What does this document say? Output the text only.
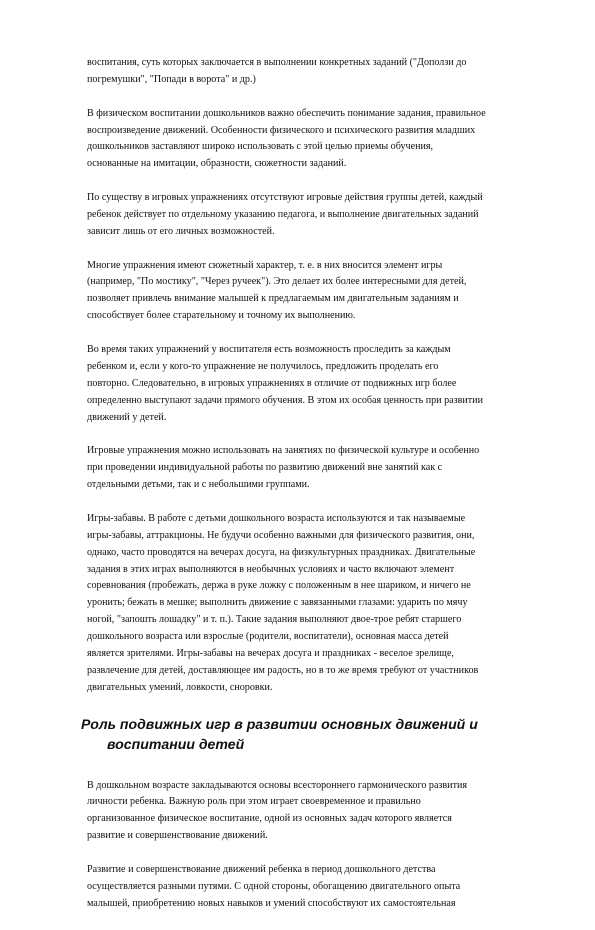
воспитания, суть которых заключается в выполнении конкретных заданий ("Доползи до
погремушки", "Попади в ворота" и др.)

В физическом воспитании дошкольников важно обеспечить понимание задания, правильное
воспроизведение движений. Особенности физического и психического развития младших
дошкольников заставляют широко использовать с этой целью приемы обучения,
основанные на имитации, образности, сюжетности заданий.

По существу в игровых упражнениях отсутствуют игровые действия группы детей, каждый
ребенок действует по отдельному указанию педагога, и выполнение двигательных заданий
зависит лишь от его личных возможностей.

Многие упражнения имеют сюжетный характер, т. е. в них вносится элемент игры
(например, "По мостику", "Через ручеек"). Это делает их более интересными для детей,
позволяет привлечь внимание малышей к предлагаемым им двигательным заданиям и
способствует более старательному и точному их выполнению.

Во время таких упражнений у воспитателя есть возможность проследить за каждым
ребенком и, если у кого-то упражнение не получилось, предложить проделать его
повторно. Следовательно, в игровых упражнениях в отличие от подвижных игр более
определенно выступают задачи прямого обучения. В этом их особая ценность при развитии
движений у детей.

Игровые упражнения можно использовать на занятиях по физической культуре и особенно
при проведении индивидуальной работы по развитию движений вне занятий как с
отдельными детьми, так и с небольшими группами.

Игры-забавы. В работе с детьми дошкольного возраста используются и так называемые
игры-забавы, аттракционы. Не будучи особенно важными для физического развития, они,
однако, часто проводятся на вечерах досуга, на физкультурных праздниках. Двигательные
задания в этих играх выполняются в необычных условиях и часто включают элемент
соревнования (пробежать, держа в руке ложку с положенным в нее шариком, и ничего не
уронить; бежать в мешке; выполнить движение с завязанными глазами: ударить по мячу
ногой, "запошть лошадку" и т. п.). Такие задания выполняют двое-трое ребят старшего
дошкольного возраста или взрослые (родители, воспитатели), основная масса детей
является зрителями. Игры-забавы на вечерах досуга и праздниках - веселое зрелище,
развлечение для детей, доставляющее им радость, но в то же время требуют от участников
двигательных умений, ловкости, сноровки.

Роль подвижных игр в развитии основных движений и
воспитании детей

В дошкольном возрасте закладываются основы всестороннего гармонического развития
личности ребенка. Важную роль при этом играет своевременное и правильно
организованное физическое воспитание, одной из основных задач которого является
развитие и совершенствование движений.

Развитие и совершенствование движений ребенка в период дошкольного детства
осуществляется разными путями. С одной стороны, обогащению двигательного опыта
малышей, приобретению новых навыков и умений способствуют их самостоятельная
